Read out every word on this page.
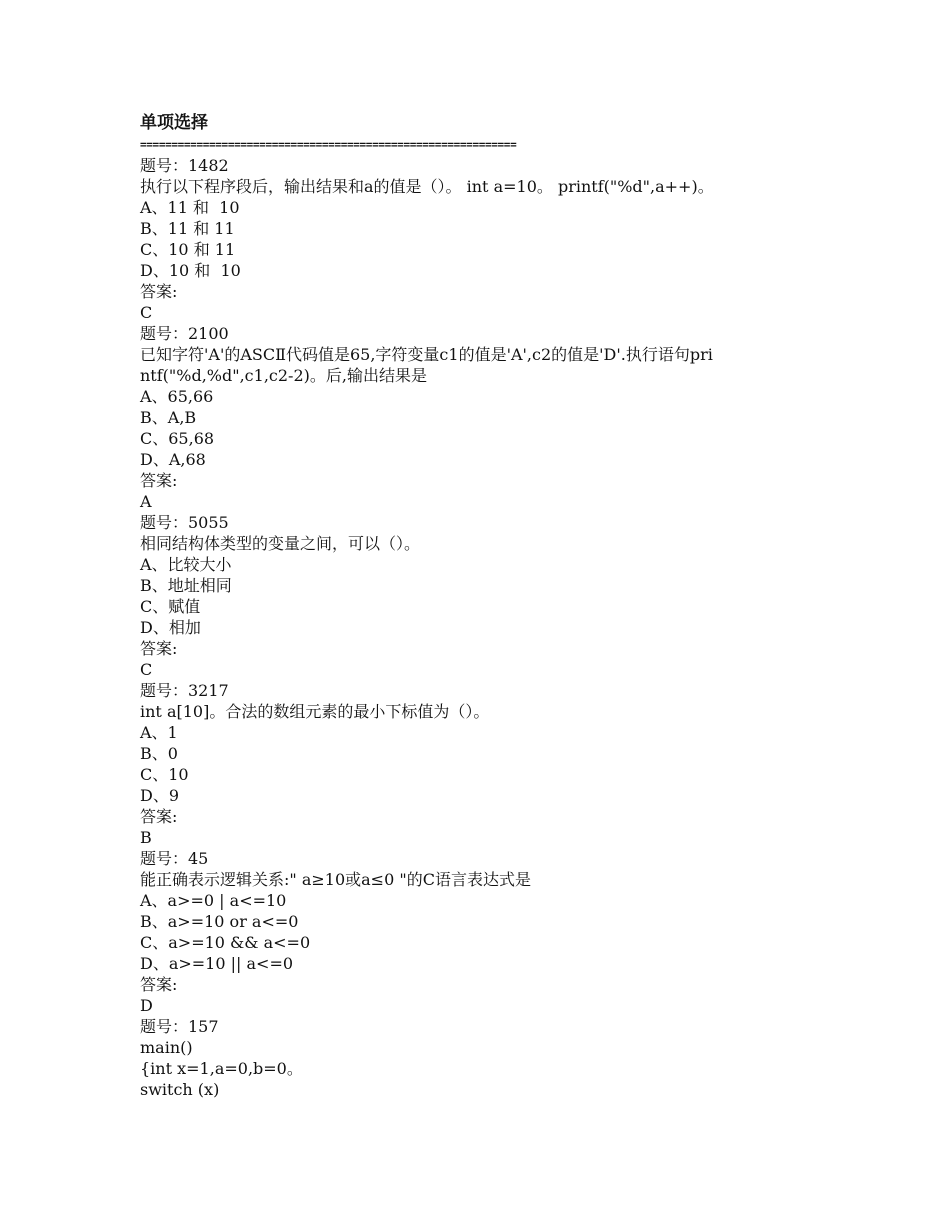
单项选择
============================================================
题号：1482
执行以下程序段后，输出结果和a的值是（）。 int a=10。 printf("%d",a++)。
A、11 和  10
B、11 和 11
C、10 和 11
D、10 和  10
答案:
C
题号：2100
已知字符'A'的ASCⅡ代码值是65,字符变量c1的值是'A',c2的值是'D'.执行语句pri
ntf("%d,%d",c1,c2-2)。后,输出结果是
A、65,66
B、A,B
C、65,68
D、A,68
答案:
A
题号：5055
相同结构体类型的变量之间，可以（）。
A、比较大小
B、地址相同
C、赋值
D、相加
答案:
C
题号：3217
int a[10]。合法的数组元素的最小下标值为（）。
A、1
B、0
C、10
D、9
答案:
B
题号：45
能正确表示逻辑关系:" a≥10或a≤0 "的C语言表达式是
A、a>=0 | a<=10
B、a>=10 or a<=0
C、a>=10 && a<=0
D、a>=10 || a<=0
答案:
D
题号：157
main()
{int x=1,a=0,b=0。
switch (x)
